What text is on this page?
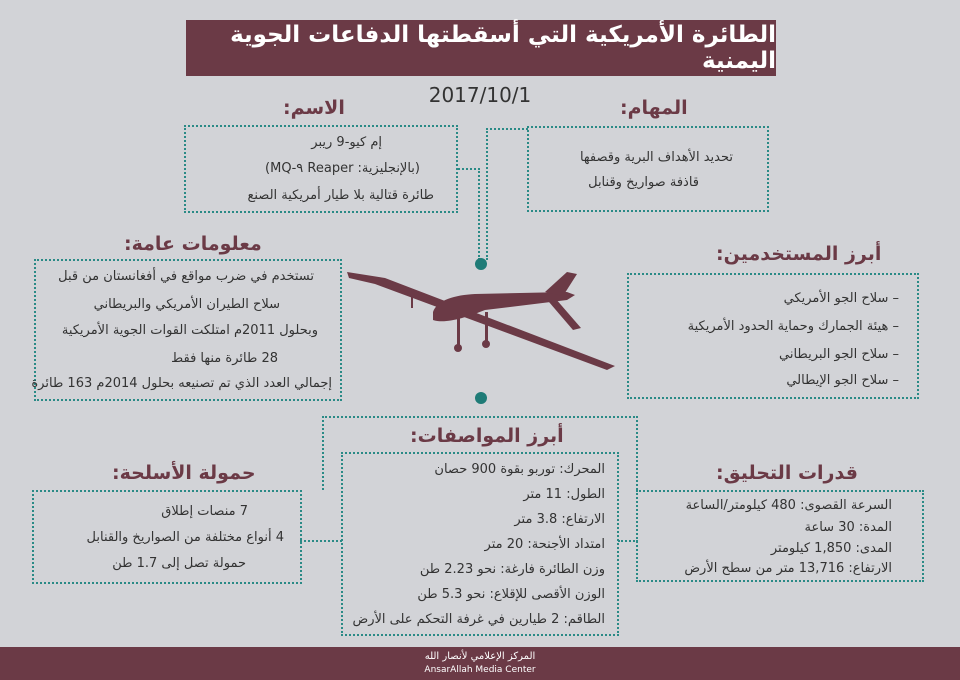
الطائرة الأمريكية التي أسقطتها الدفاعات الجوية اليمنية
2017/10/1
الاسم:
إم كيو-9 ريبر
(بالإنجليزية: Reaper ٩-MQ)
طائرة قتالية بلا طيار أمريكية الصنع
المهام:
تحديد الأهداف البرية وقصفها
قاذفة صواريخ وقنابل
معلومات عامة:
تستخدم في ضرب مواقع في أفغانستان من قبل
سلاح الطيران الأمريكي والبريطاني
وبحلول 2011م امتلكت القوات الجوية الأمريكية
28 طائرة منها فقط
إجمالي العدد الذي تم تصنيعه بحلول 2014م 163 طائرة
أبرز المستخدمين:
– سلاح الجو الأمريكي
– هيئة الجمارك وحماية الحدود الأمريكية
– سلاح الجو البريطاني
– سلاح الجو الإيطالي
أبرز المواصفات:
المحرك: توربو بقوة 900 حصان
الطول: 11 متر
الارتفاع: 3.8 متر
امتداد الأجنحة: 20 متر
وزن الطائرة فارغة: نحو 2.23 طن
الوزن الأقصى للإقلاع: نحو 5.3 طن
الطاقم: 2 طيارين في غرفة التحكم على الأرض
حمولة الأسلحة:
7 منصات إطلاق
4 أنواع مختلفة من الصواريخ والقنابل
حمولة تصل إلى 1.7 طن
قدرات التحليق:
السرعة القصوى: 480 كيلومتر/الساعة
المدة: 30 ساعة
المدى: 1,850 كيلومتر
الارتفاع: 13,716 متر من سطح الأرض
المركز الإعلامي لأنصار الله
AnsarAllah Media Center
